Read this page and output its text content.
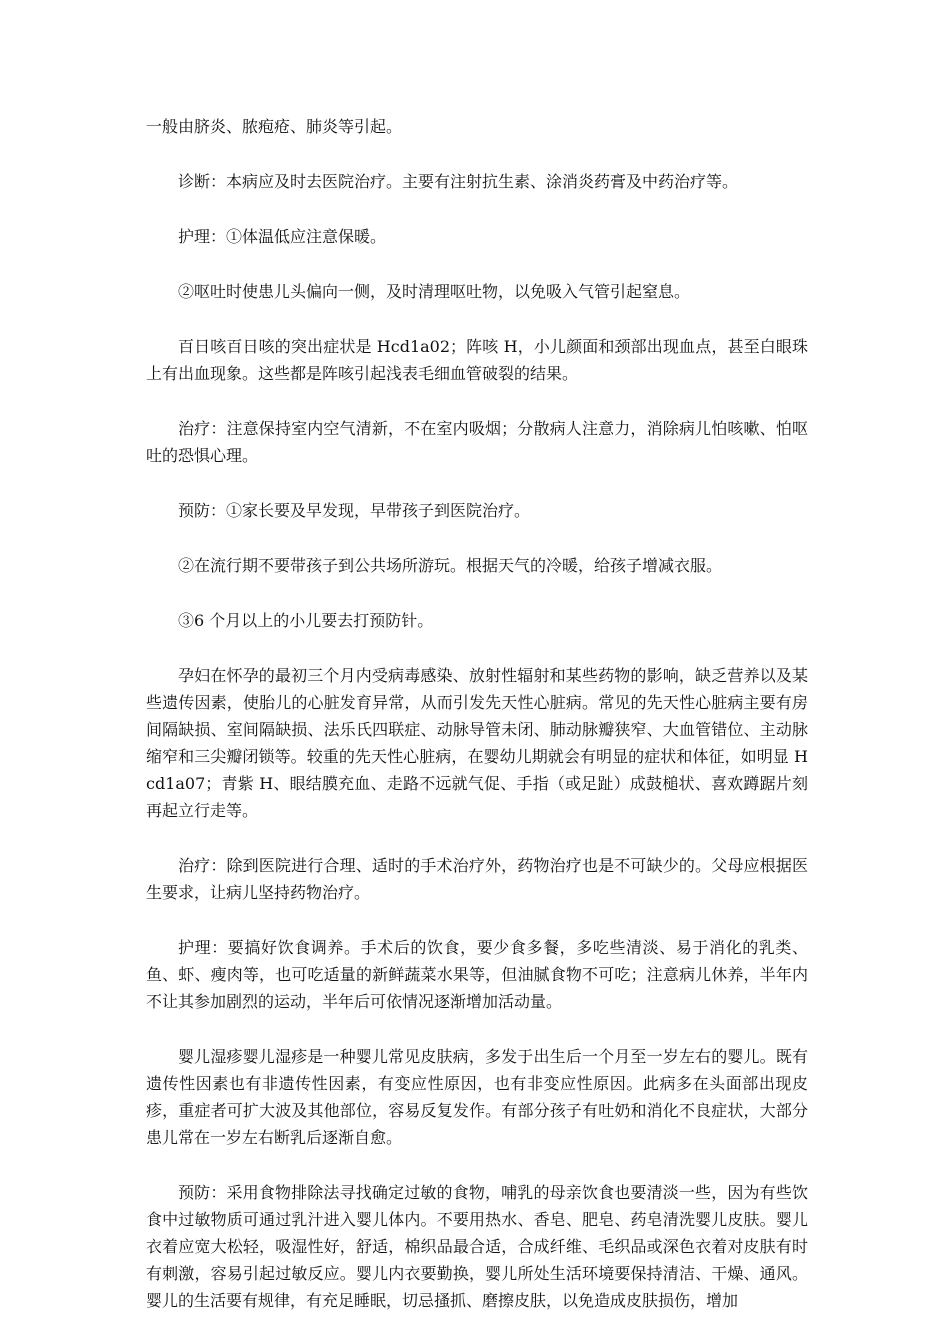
一般由脐炎、脓疱疮、肺炎等引起。

诊断：本病应及时去医院治疗。主要有注射抗生素、涂消炎药膏及中药治疗等。

护理：①体温低应注意保暖。

②呕吐时使患儿头偏向一侧，及时清理呕吐物，以免吸入气管引起窒息。

百日咳百日咳的突出症状是 Hcd1a02；阵咳 H，小儿颜面和颈部出现血点，甚至白眼珠上有出血现象。这些都是阵咳引起浅表毛细血管破裂的结果。

治疗：注意保持室内空气清新，不在室内吸烟；分散病人注意力，消除病儿怕咳嗽、怕呕吐的恐惧心理。

预防：①家长要及早发现，早带孩子到医院治疗。

②在流行期不要带孩子到公共场所游玩。根据天气的冷暖，给孩子增减衣服。

③6 个月以上的小儿要去打预防针。

孕妇在怀孕的最初三个月内受病毒感染、放射性辐射和某些药物的影响，缺乏营养以及某些遗传因素，使胎儿的心脏发育异常，从而引发先天性心脏病。常见的先天性心脏病主要有房间隔缺损、室间隔缺损、法乐氏四联症、动脉导管未闭、肺动脉瓣狭窄、大血管错位、主动脉缩窄和三尖瓣闭锁等。较重的先天性心脏病，在婴幼儿期就会有明显的症状和体征，如明显 Hcd1a07；青紫 H、眼结膜充血、走路不远就气促、手指（或足趾）成鼓槌状、喜欢蹲踞片刻再起立行走等。

治疗：除到医院进行合理、适时的手术治疗外，药物治疗也是不可缺少的。父母应根据医生要求，让病儿坚持药物治疗。

护理：要搞好饮食调养。手术后的饮食，要少食多餐，多吃些清淡、易于消化的乳类、鱼、虾、瘦肉等，也可吃适量的新鲜蔬菜水果等，但油腻食物不可吃；注意病儿休养，半年内不让其参加剧烈的运动，半年后可依情况逐渐增加活动量。

婴儿湿疹婴儿湿疹是一种婴儿常见皮肤病，多发于出生后一个月至一岁左右的婴儿。既有遗传性因素也有非遗传性因素，有变应性原因，也有非变应性原因。此病多在头面部出现皮疹，重症者可扩大波及其他部位，容易反复发作。有部分孩子有吐奶和消化不良症状，大部分患儿常在一岁左右断乳后逐渐自愈。

预防：采用食物排除法寻找确定过敏的食物，哺乳的母亲饮食也要清淡一些，因为有些饮食中过敏物质可通过乳汁进入婴儿体内。不要用热水、香皂、肥皂、药皂清洗婴儿皮肤。婴儿衣着应宽大松轻，吸湿性好，舒适，棉织品最合适，合成纤维、毛织品或深色衣着对皮肤有时有刺激，容易引起过敏反应。婴儿内衣要勤换，婴儿所处生活环境要保持清洁、干燥、通风。婴儿的生活要有规律，有充足睡眠，切忌搔抓、磨擦皮肤，以免造成皮肤损伤，增加
